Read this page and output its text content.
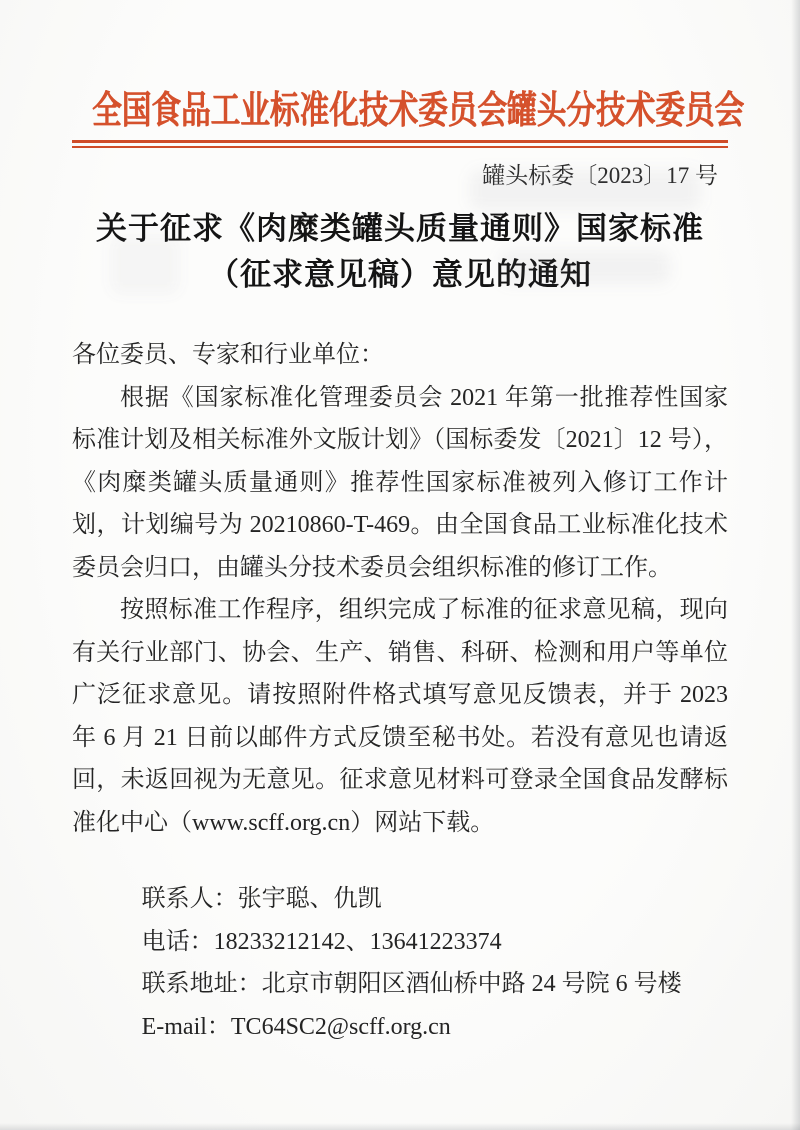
全国食品工业标准化技术委员会罐头分技术委员会
罐头标委〔2023〕17 号
关于征求《肉糜类罐头质量通则》国家标准
（征求意见稿）意见的通知

各位委员、专家和行业单位：

根据《国家标准化管理委员会 2021 年第一批推荐性国家标准计划及相关标准外文版计划》（国标委发〔2021〕12 号），《肉糜类罐头质量通则》推荐性国家标准被列入修订工作计划，计划编号为 20210860-T-469。由全国食品工业标准化技术委员会归口，由罐头分技术委员会组织标准的修订工作。

按照标准工作程序，组织完成了标准的征求意见稿，现向有关行业部门、协会、生产、销售、科研、检测和用户等单位广泛征求意见。请按照附件格式填写意见反馈表，并于 2023 年 6 月 21 日前以邮件方式反馈至秘书处。若没有意见也请返回，未返回视为无意见。征求意见材料可登录全国食品发酵标准化中心（www.scff.org.cn）网站下载。

联系人：张宇聪、仇凯

电话：18233212142、13641223374

联系地址：北京市朝阳区酒仙桥中路 24 号院 6 号楼

E-mail：TC64SC2@scff.org.cn
